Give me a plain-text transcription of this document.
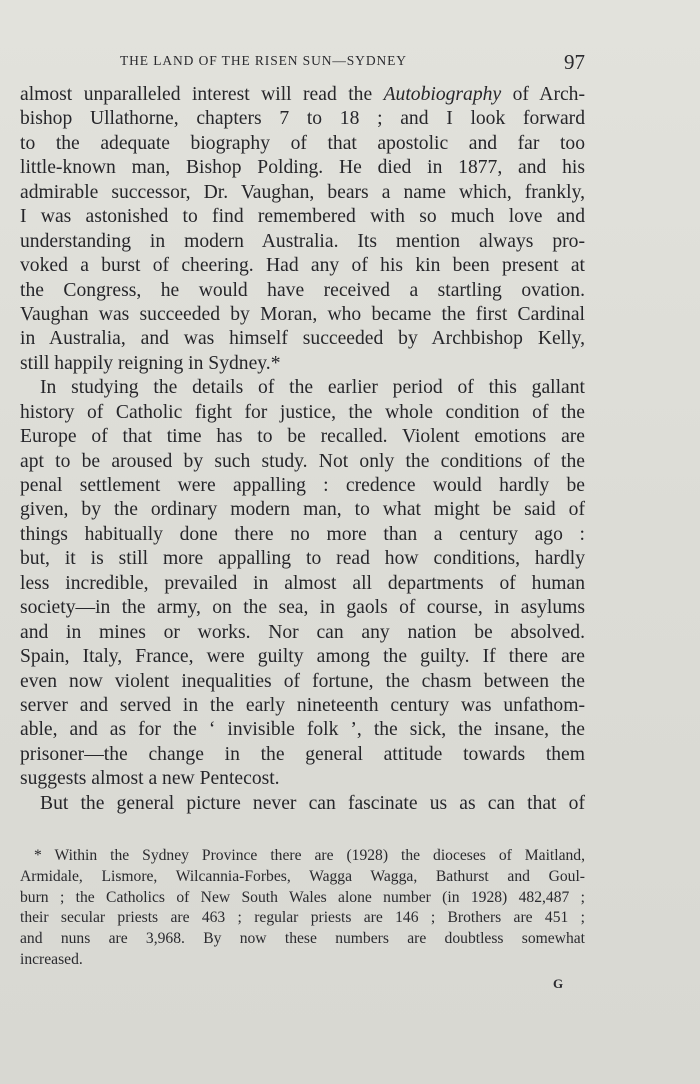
THE LAND OF THE RISEN SUN—SYDNEY	97
almost unparalleled interest will read the Autobiography of Arch-
bishop Ullathorne, chapters 7 to 18 ; and I look forward
to the adequate biography of that apostolic and far too
little-known man, Bishop Polding. He died in 1877, and his
admirable successor, Dr. Vaughan, bears a name which, frankly,
I was astonished to find remembered with so much love and
understanding in modern Australia. Its mention always pro-
voked a burst of cheering. Had any of his kin been present at
the Congress, he would have received a startling ovation.
Vaughan was succeeded by Moran, who became the first Cardinal
in Australia, and was himself succeeded by Archbishop Kelly,
still happily reigning in Sydney.*
In studying the details of the earlier period of this gallant
history of Catholic fight for justice, the whole condition of the
Europe of that time has to be recalled. Violent emotions are
apt to be aroused by such study. Not only the conditions of the
penal settlement were appalling : credence would hardly be
given, by the ordinary modern man, to what might be said of
things habitually done there no more than a century ago :
but, it is still more appalling to read how conditions, hardly
less incredible, prevailed in almost all departments of human
society—in the army, on the sea, in gaols of course, in asylums
and in mines or works. Nor can any nation be absolved.
Spain, Italy, France, were guilty among the guilty. If there are
even now violent inequalities of fortune, the chasm between the
server and served in the early nineteenth century was unfathom-
able, and as for the ‘ invisible folk ’, the sick, the insane, the
prisoner—the change in the general attitude towards them
suggests almost a new Pentecost.
But the general picture never can fascinate us as can that of
* Within the Sydney Province there are (1928) the dioceses of Maitland,
Armidale, Lismore, Wilcannia-Forbes, Wagga Wagga, Bathurst and Goul-
burn ; the Catholics of New South Wales alone number (in 1928) 482,487 ;
their secular priests are 463 ; regular priests are 146 ; Brothers are 451 ;
and nuns are 3,968. By now these numbers are doubtless somewhat
increased.
G
